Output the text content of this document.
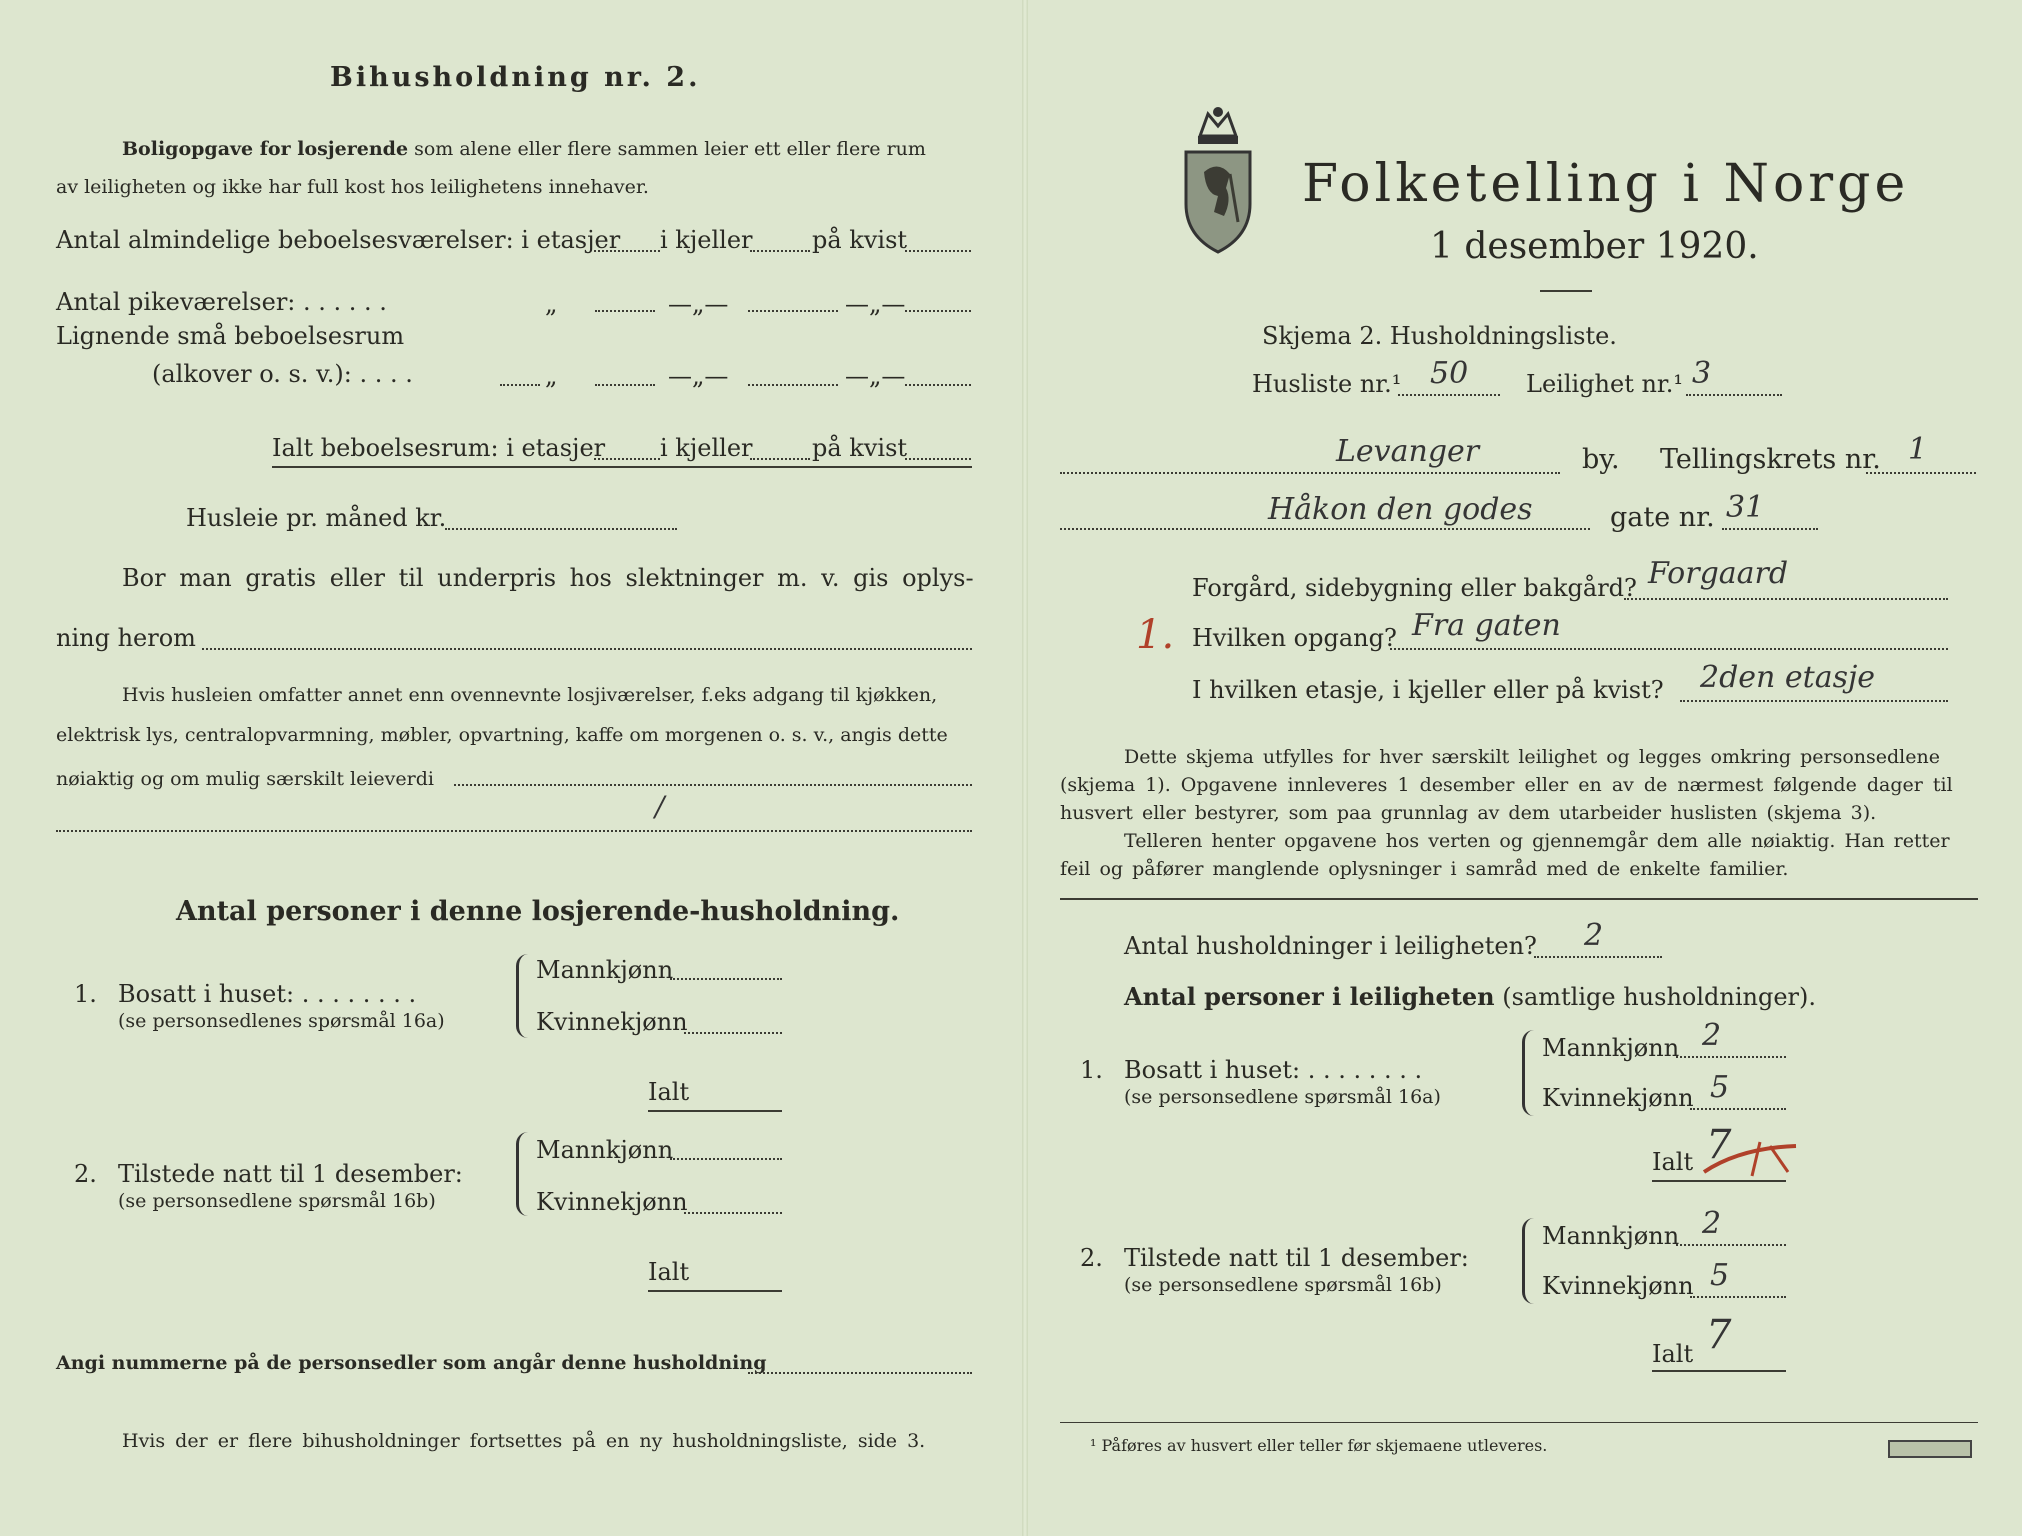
Bihusholdning nr. 2.
Boligopgave for losjerende som alene eller flere sammen leier ett eller flere rum
av leiligheten og ikke har full kost hos leilighetens innehaver.
Antal almindelige beboelsesværelser: i etasjer i kjeller på kvist
Antal pikeværelser: . . . . . .	„	—„—	—„—
Lignende små beboelsesrum
(alkover o. s. v.): . . . .	„	—„—	—„—
Ialt beboelsesrum: i etasjer i kjeller på kvist
Husleie pr. måned kr.
Bor man gratis eller til underpris hos slektninger m. v. gis oplys-
ning herom
Hvis husleien omfatter annet enn ovennevnte losjiværelser, f.eks adgang til kjøkken,
elektrisk lys, centralopvarmning, møbler, opvartning, kaffe om morgenen o. s. v., angis dette
nøiaktig og om mulig særskilt leieverdi
/
Antal personer i denne losjerende-husholdning.
1. Bosatt i huset: . . . . . . . .
(se personsedlenes spørsmål 16a)
Mannkjønn
Kvinnekjønn
Ialt
2. Tilstede natt til 1 desember:
(se personsedlene spørsmål 16b)
Mannkjønn
Kvinnekjønn
Ialt
Angi nummerne på de personsedler som angår denne husholdning
Hvis der er flere bihusholdninger fortsettes på en ny husholdningsliste, side 3.
Folketelling i Norge
1 desember 1920.
Skjema 2. Husholdningsliste.
Husliste nr.¹ 50 Leilighet nr.¹ 3
Levanger	by. Tellingskrets nr. 1
Håkon den godes	gate nr. 31
Forgård, sidebygning eller bakgård? Forgaard
1. Hvilken opgang? Fra gaten
I hvilken etasje, i kjeller eller på kvist? 2den etasje
Dette skjema utfylles for hver særskilt leilighet og legges omkring personsedlene
(skjema 1). Opgavene innleveres 1 desember eller en av de nærmest følgende dager til
husvert eller bestyrer, som paa grunnlag av dem utarbeider huslisten (skjema 3).
Telleren henter opgavene hos verten og gjennemgår dem alle nøiaktig. Han retter
feil og påfører manglende oplysninger i samråd med de enkelte familier.
Antal husholdninger i leiligheten? 2
Antal personer i leiligheten (samtlige husholdninger).
1. Bosatt i huset: . . . . . . . .
(se personsedlene spørsmål 16a)
Mannkjønn 2
Kvinnekjønn 5
Ialt 7
2. Tilstede natt til 1 desember:
(se personsedlene spørsmål 16b)
Mannkjønn 2
Kvinnekjønn 5
Ialt 7
¹ Påføres av husvert eller teller før skjemaene utleveres.
